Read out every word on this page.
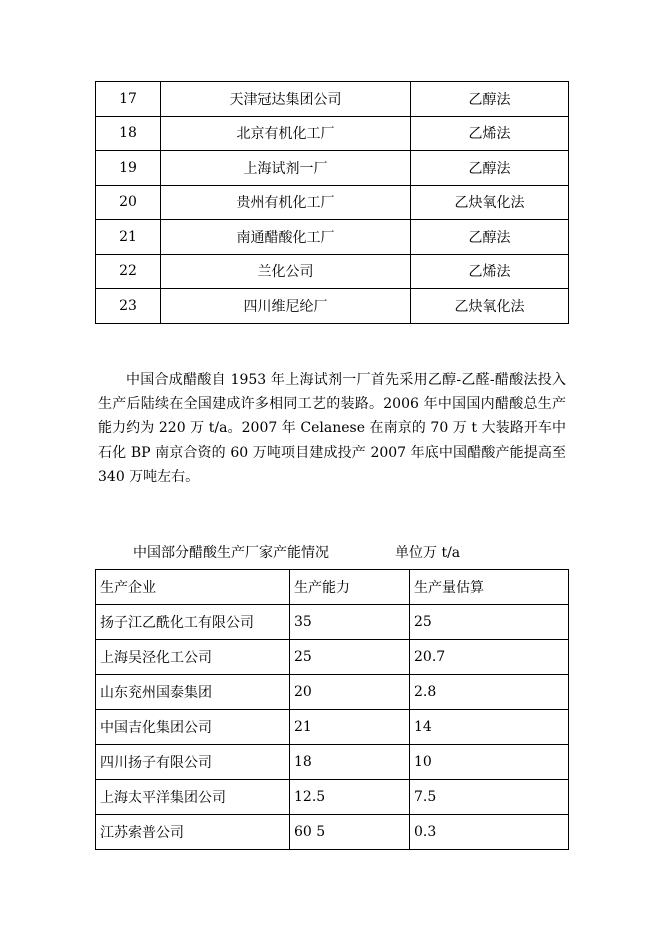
17	天津冠达集团公司	乙醇法
18	北京有机化工厂	乙烯法
19	上海试剂一厂	乙醇法
20	贵州有机化工厂	乙炔氧化法
21	南通醋酸化工厂	乙醇法
22	兰化公司	乙烯法
23	四川维尼纶厂	乙炔氧化法

中国合成醋酸自 1953 年上海试剂一厂首先采用乙醇-乙醛-醋酸法投入生产后陆续在全国建成许多相同工艺的装路。2006 年中国国内醋酸总生产能力约为 220 万 t/a。2007 年 Celanese 在南京的 70 万 t 大装路开车中石化 BP 南京合资的 60 万吨项目建成投产 2007 年底中国醋酸产能提高至 340 万吨左右。

中国部分醋酸生产厂家产能情况	单位万 t/a
生产企业	生产能力	生产量估算
扬子江乙酰化工有限公司	35	25
上海吴泾化工公司	25	20.7
山东兖州国泰集团	20	2.8
中国吉化集团公司	21	14
四川扬子有限公司	18	10
上海太平洋集团公司	12.5	7.5
江苏索普公司	60 5	0.3
